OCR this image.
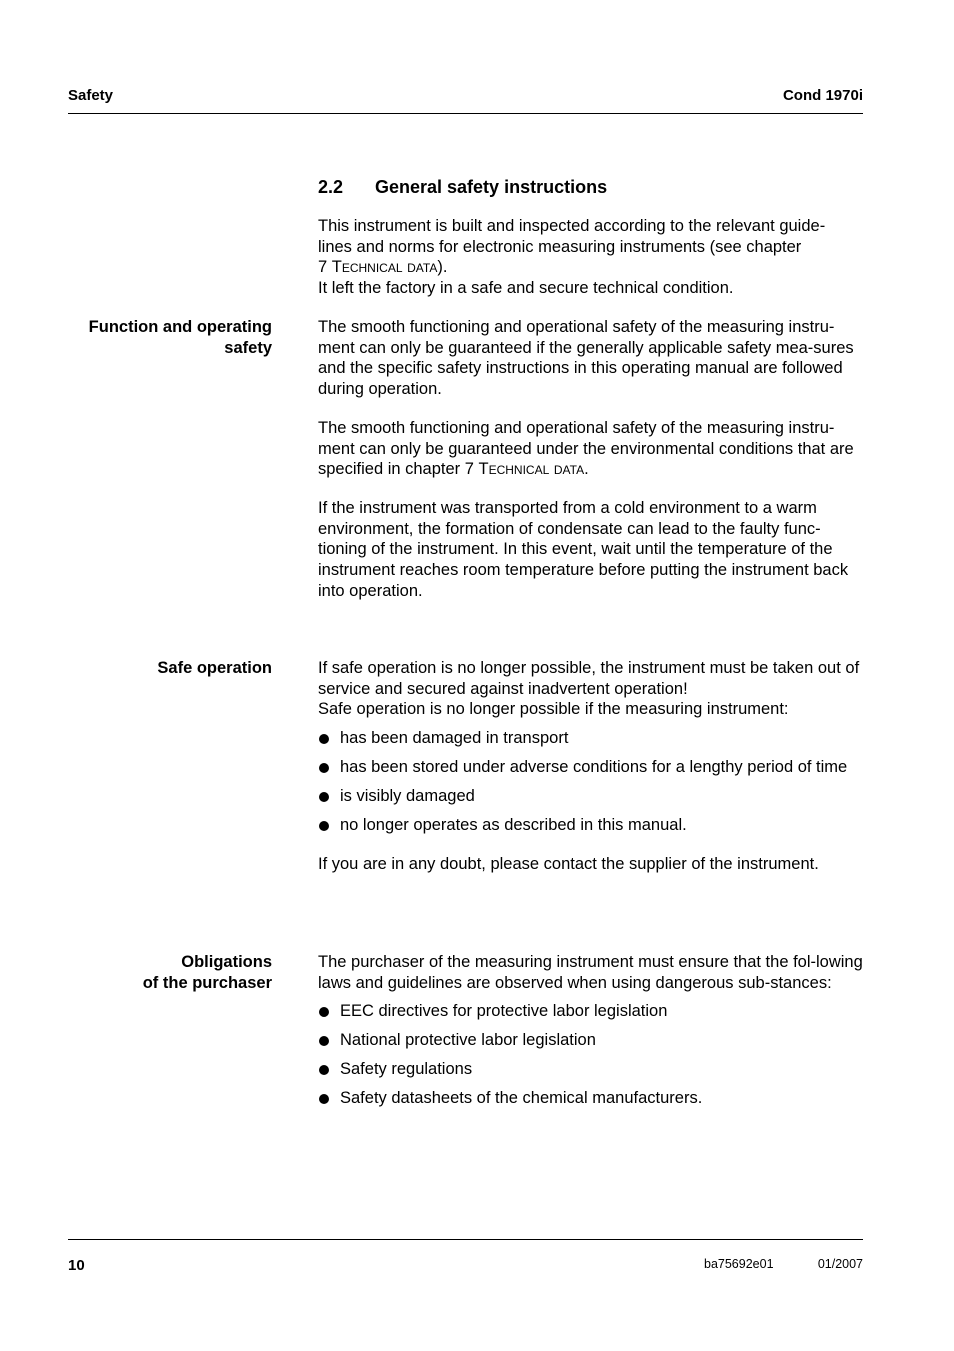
Safety	Cond 1970i
2.2 General safety instructions
This instrument is built and inspected according to the relevant guide-
lines and norms for electronic measuring instruments (see chapter
7 Technical data).
It left the factory in a safe and secure technical condition.
Function and operating
safety

The smooth functioning and operational safety of the measuring instru-ment can only be guaranteed if the generally applicable safety mea-sures and the specific safety instructions in this operating manual are followed during operation.

The smooth functioning and operational safety of the measuring instru-ment can only be guaranteed under the environmental conditions that are specified in chapter 7 Technical data.

If the instrument was transported from a cold environment to a warm environment, the formation of condensate can lead to the faulty func-tioning of the instrument. In this event, wait until the temperature of the instrument reaches room temperature before putting the instrument back into operation.

Safe operation	If safe operation is no longer possible, the instrument must be taken out of service and secured against inadvertent operation!

Safe operation is no longer possible if the measuring instrument:

has been damaged in transport
has been stored under adverse conditions for a lengthy period of time
is visibly damaged
no longer operates as described in this manual.

If you are in any doubt, please contact the supplier of the instrument.

Obligations
of the purchaser

The purchaser of the measuring instrument must ensure that the fol-lowing laws and guidelines are observed when using dangerous sub-stances:

EEC directives for protective labor legislation
National protective labor legislation
Safety regulations
Safety datasheets of the chemical manufacturers.
10	ba75692e01	01/2007
